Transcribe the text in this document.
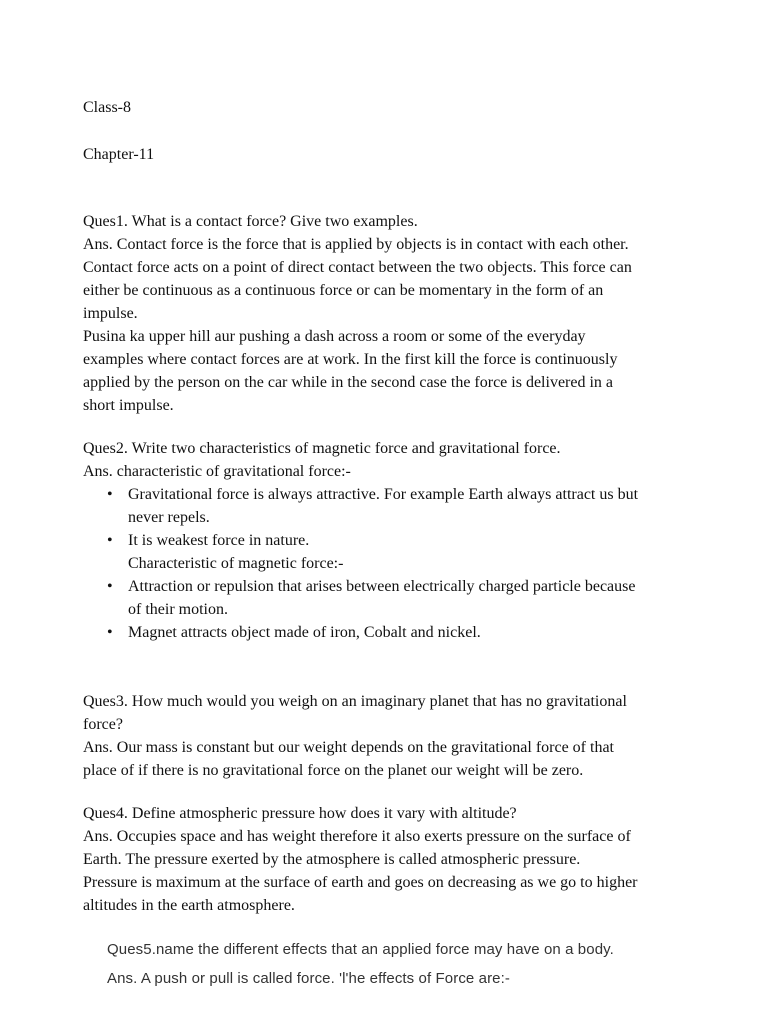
Class-8

Chapter-11

Ques1. What is a contact force? Give two examples.

Ans. Contact force is the force that is applied by objects is in contact with each other.

Contact force acts on a point of direct contact between the two objects. This force can

either be continuous as a continuous force or can be momentary in the form of an

impulse.

Pusina ka upper hill aur pushing a dash across a room or some of the everyday

examples where contact forces are at work. In the first kill the force is continuously

applied by the person on the car while in the second case the force is delivered in a

short impulse.

Ques2. Write two characteristics of magnetic force and gravitational force.

Ans. characteristic of gravitational force:-

• Gravitational force is always attractive. For example Earth always attract us but
never repels.
• It is weakest force in nature.
Characteristic of magnetic force:-
• Attraction or repulsion that arises between electrically charged particle because
of their motion.
• Magnet attracts object made of iron, Cobalt and nickel.

Ques3. How much would you weigh on an imaginary planet that has no gravitational

force?

Ans. Our mass is constant but our weight depends on the gravitational force of that

place of if there is no gravitational force on the planet our weight will be zero.

Ques4. Define atmospheric pressure how does it vary with altitude?

Ans. Occupies space and has weight therefore it also exerts pressure on the surface of

Earth. The pressure exerted by the atmosphere is called atmospheric pressure.

Pressure is maximum at the surface of earth and goes on decreasing as we go to higher

altitudes in the earth atmosphere.

Ques5.name the different effects that an applied force may have on a body.

Ans. A push or pull is called force. 'l'he effects of Force are:-
